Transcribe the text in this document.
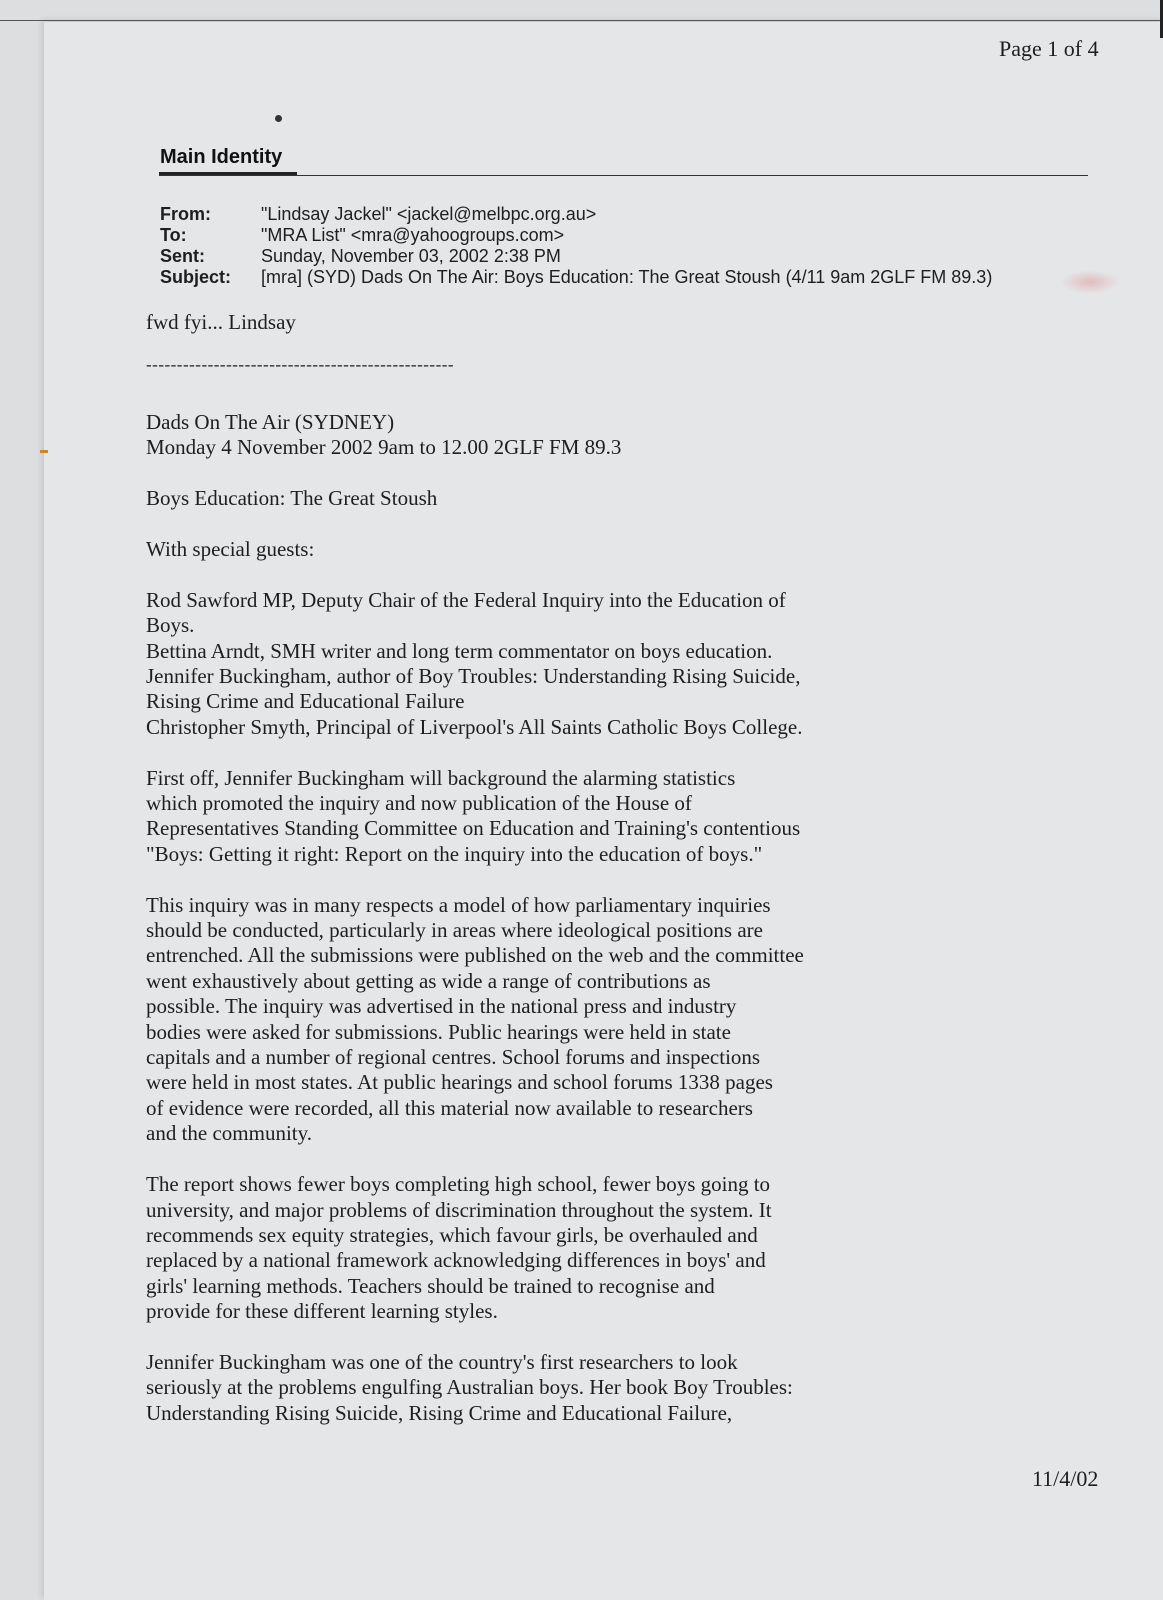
Page 1 of 4
Main Identity
From:	"Lindsay Jackel" <jackel@melbpc.org.au>
To:	"MRA List" <mra@yahoogroups.com>
Sent:	Sunday, November 03, 2002 2:38 PM
Subject:	[mra] (SYD) Dads On The Air: Boys Education: The Great Stoush (4/11 9am 2GLF FM 89.3)
fwd fyi... Lindsay
--------------------------------------------------

Dads On The Air (SYDNEY)
Monday 4 November 2002 9am to 12.00 2GLF FM 89.3

Boys Education: The Great Stoush

With special guests:

Rod Sawford MP, Deputy Chair of the Federal Inquiry into the Education of
Boys.
Bettina Arndt, SMH writer and long term commentator on boys education.
Jennifer Buckingham, author of Boy Troubles: Understanding Rising Suicide,
Rising Crime and Educational Failure
Christopher Smyth, Principal of Liverpool's All Saints Catholic Boys College.

First off, Jennifer Buckingham will background the alarming statistics
which promoted the inquiry and now publication of the House of
Representatives Standing Committee on Education and Training's contentious
"Boys: Getting it right: Report on the inquiry into the education of boys."

This inquiry was in many respects a model of how parliamentary inquiries
should be conducted, particularly in areas where ideological positions are
entrenched. All the submissions were published on the web and the committee
went exhaustively about getting as wide a range of contributions as
possible. The inquiry was advertised in the national press and industry
bodies were asked for submissions. Public hearings were held in state
capitals and a number of regional centres. School forums and inspections
were held in most states. At public hearings and school forums 1338 pages
of evidence were recorded, all this material now available to researchers
and the community.

The report shows fewer boys completing high school, fewer boys going to
university, and major problems of discrimination throughout the system. It
recommends sex equity strategies, which favour girls, be overhauled and
replaced by a national framework acknowledging differences in boys' and
girls' learning methods. Teachers should be trained to recognise and
provide for these different learning styles.

Jennifer Buckingham was one of the country's first researchers to look
seriously at the problems engulfing Australian boys. Her book Boy Troubles:
Understanding Rising Suicide, Rising Crime and Educational Failure,

11/4/02
